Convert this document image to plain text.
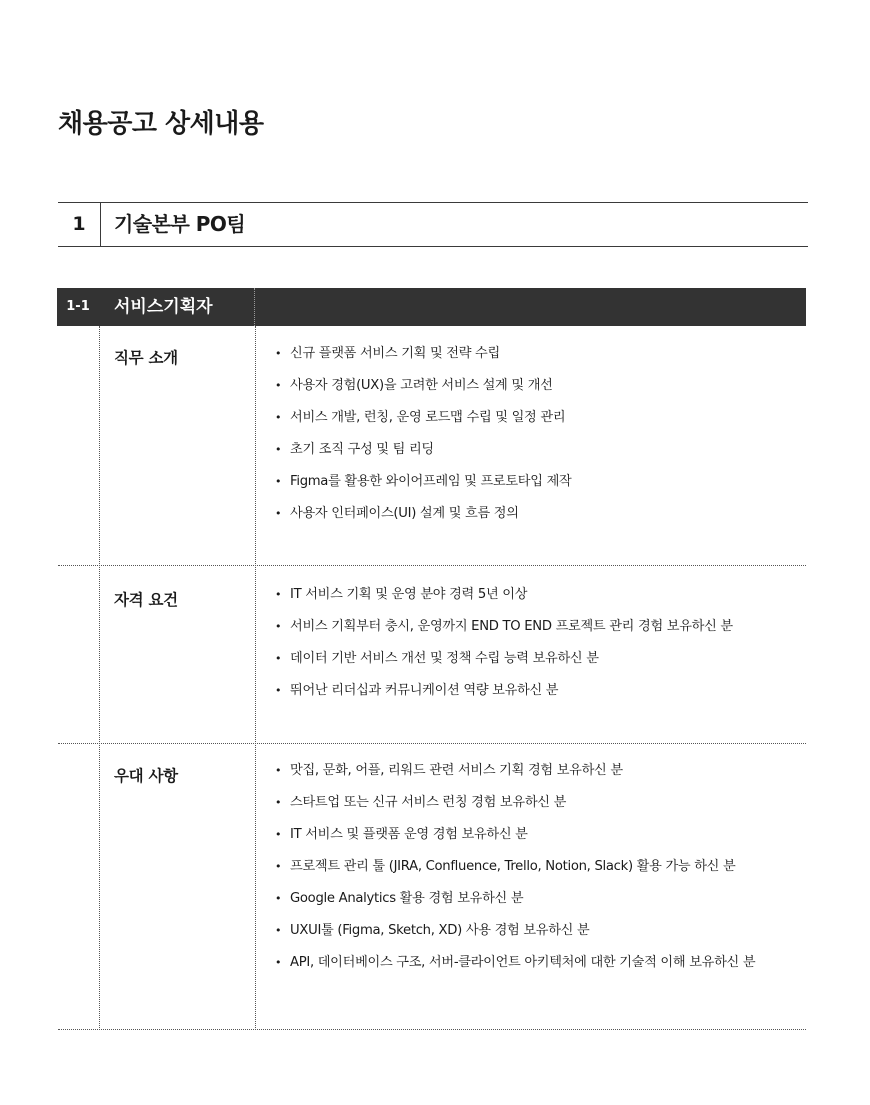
채용공고 상세내용
1	기술본부 PO팀
1-1	서비스기획자
직무 소개	• 신규 플랫폼 서비스 기획 및 전략 수립
• 사용자 경험(UX)을 고려한 서비스 설계 및 개선
• 서비스 개발, 런칭, 운영 로드맵 수립 및 일정 관리
• 초기 조직 구성 및 팀 리딩
• Figma를 활용한 와이어프레임 및 프로토타입 제작
• 사용자 인터페이스(UI) 설계 및 흐름 정의
자격 요건	• IT 서비스 기획 및 운영 분야 경력 5년 이상
• 서비스 기획부터 충시, 운영까지 END TO END 프로젝트 관리 경험 보유하신 분
• 데이터 기반 서비스 개선 및 정책 수립 능력 보유하신 분
• 뛰어난 리더십과 커뮤니케이션 역량 보유하신 분
우대 사항	• 맛집, 문화, 어플, 리워드 관련 서비스 기획 경험 보유하신 분
• 스타트업 또는 신규 서비스 런칭 경험 보유하신 분
• IT 서비스 및 플랫폼 운영 경험 보유하신 분
• 프로젝트 관리 툴 (JIRA, Confluence, Trello, Notion, Slack) 활용 가능 하신 분
• Google Analytics 활용 경험 보유하신 분
• UXUI툴 (Figma, Sketch, XD) 사용 경험 보유하신 분
• API, 데이터베이스 구조, 서버-클라이언트 아키텍처에 대한 기술적 이해 보유하신 분
